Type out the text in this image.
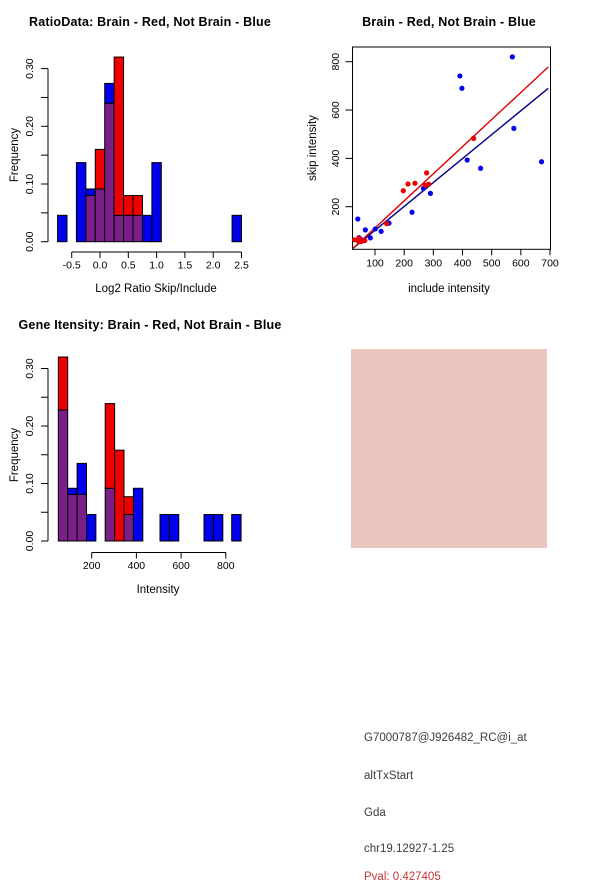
0.00
0.10
0.20
0.30
-0.5 0.0 0.5 1.0 1.5 2.0 2.5
200
400
600
800
100 200 300 400 500 600 700
0.00
0.10
0.20
0.30
200	400	600	800
RatioData: Brain - Red, Not Brain - Blue	Brain - Red, Not Brain - Blue
Gene Itensity: Brain - Red, Not Brain - Blue
Frequency
Log2 Ratio Skip/Include
skip intensity
include intensity
Frequency
Intensity
G7000787@J926482_RC@i_at
altTxStart
Gda
chr19.12927-1.25
Pval: 0.427405
